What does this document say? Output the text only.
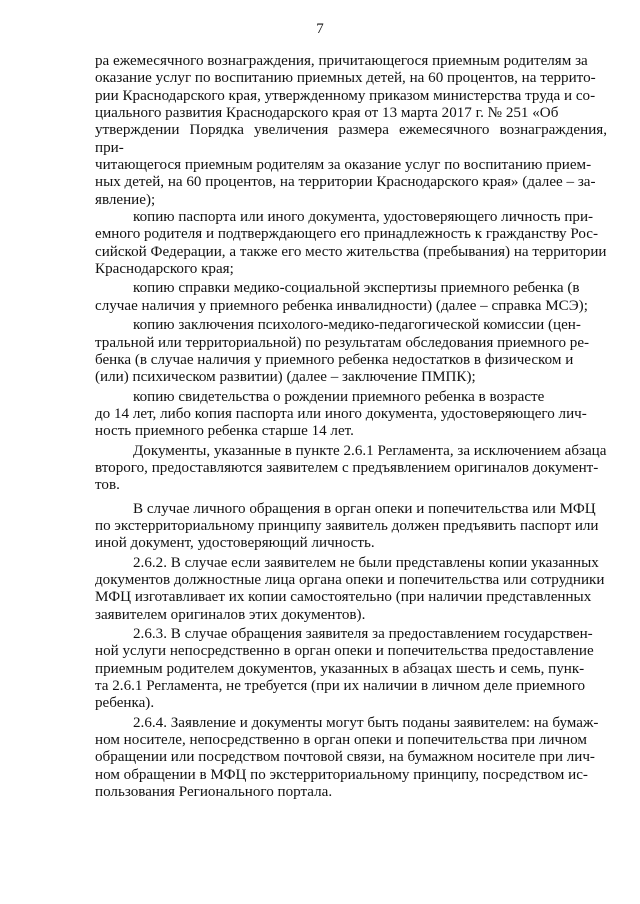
7

ра ежемесячного вознаграждения, причитающегося приемным родителям за
оказание услуг по воспитанию приемных детей, на 60 процентов, на террито-
рии Краснодарского края, утвержденному приказом министерства труда и со-
циального развития Краснодарского края от 13 марта 2017 г. № 251 «Об
утверждении Порядка увеличения размера ежемесячного вознаграждения, при-
читающегося приемным родителям за оказание услуг по воспитанию прием-
ных детей, на 60 процентов, на территории Краснодарского края» (далее – за-
явление);

копию паспорта или иного документа, удостоверяющего личность при-
емного родителя и подтверждающего его принадлежность к гражданству Рос-
сийской Федерации, а также его место жительства (пребывания) на территории
Краснодарского края;

копию справки медико-социальной экспертизы приемного ребенка (в
случае наличия у приемного ребенка инвалидности) (далее – справка МСЭ);

копию заключения психолого-медико-педагогической комиссии (цен-
тральной или территориальной) по результатам обследования приемного ре-
бенка (в случае наличия у приемного ребенка недостатков в физическом и
(или) психическом развитии) (далее – заключение ПМПК);

копию свидетельства о рождении приемного ребенка в возрасте
до 14 лет, либо копия паспорта или иного документа, удостоверяющего лич-
ность приемного ребенка старше 14 лет.

Документы, указанные в пункте 2.6.1 Регламента, за исключением абзаца
второго, предоставляются заявителем с предъявлением оригиналов документ-
тов.

В случае личного обращения в орган опеки и попечительства или МФЦ
по экстерриториальному принципу заявитель должен предъявить паспорт или
иной документ, удостоверяющий личность.

2.6.2. В случае если заявителем не были представлены копии указанных
документов должностные лица органа опеки и попечительства или сотрудники
МФЦ изготавливает их копии самостоятельно (при наличии представленных
заявителем оригиналов этих документов).

2.6.3. В случае обращения заявителя за предоставлением государствен-
ной услуги непосредственно в орган опеки и попечительства предоставление
приемным родителем документов, указанных в абзацах шесть и семь, пунк-
та 2.6.1 Регламента, не требуется (при их наличии в личном деле приемного
ребенка).

2.6.4. Заявление и документы могут быть поданы заявителем: на бумаж-
ном носителе, непосредственно в орган опеки и попечительства при личном
обращении или посредством почтовой связи, на бумажном носителе при лич-
ном обращении в МФЦ по экстерриториальному принципу, посредством ис-
пользования Регионального портала.
